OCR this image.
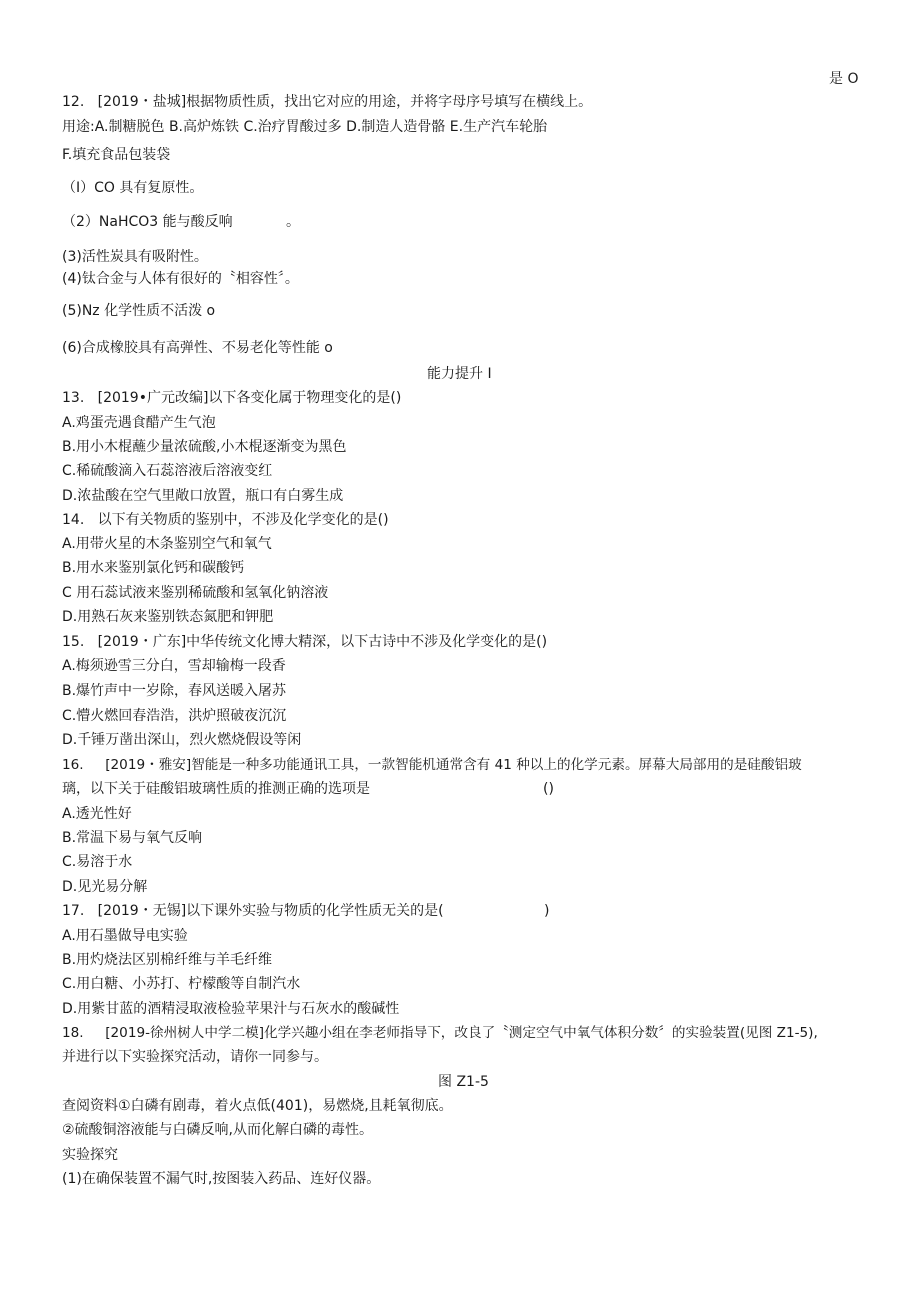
是 O
12.   [2019・盐城]根据物质性质，找出它对应的用途，并将字母序号填写在横线上。
用途:A.制糖脱色 B.高炉炼铁 C.治疗胃酸过多 D.制造人造骨骼 E.生产汽车轮胎
F.填充食品包装袋
（I）CO 具有复原性。
（2）NaHCO3 能与酸反响            。
(3)活性炭具有吸附性。
(4)钛合金与人体有很好的〝相容性〞。
(5)Nz 化学性质不活泼 o
(6)合成橡胶具有高弹性、不易老化等性能 o
能力提升 I
13.   [2019•广元改编]以下各变化属于物理变化的是()
A.鸡蛋壳遇食醋产生气泡
B.用小木棍蘸少量浓硫酸,小木棍逐渐变为黑色
C.稀硫酸滴入石蕊溶液后溶液变红
D.浓盐酸在空气里敞口放置，瓶口有白雾生成
14.   以下有关物质的鉴别中，不涉及化学变化的是()
A.用带火星的木条鉴别空气和氧气
B.用水来鉴别氯化钙和碳酸钙
C 用石蕊试液来鉴别稀硫酸和氢氧化钠溶液
D.用熟石灰来鉴别铁态氮肥和钾肥
15.   [2019・广东]中华传统文化博大精深，以下古诗中不涉及化学变化的是()
A.梅须逊雪三分白，雪却输梅一段香
B.爆竹声中一岁除，春风送暖入屠苏
C.懵火燃回春浩浩，洪炉照破夜沉沉
D.千锤万凿出深山，烈火燃烧假设等闲
16.     [2019・雅安]智能是一种多功能通讯工具，一款智能机通常含有 41 种以上的化学元素。屏幕大局部用的是硅酸铝玻
璃，以下关于硅酸铝玻璃性质的推测正确的选项是	()
A.透光性好
B.常温下易与氧气反响
C.易溶于水
D.见光易分解
17.   [2019・无锡]以下课外实验与物质的化学性质无关的是(	)
A.用石墨做导电实验
B.用灼烧法区别棉纤维与羊毛纤维
C.用白糖、小苏打、柠檬酸等自制汽水
D.用紫甘蓝的酒精浸取液检验苹果汁与石灰水的酸碱性
18.     [2019-徐州树人中学二模]化学兴趣小组在李老师指导下，改良了〝测定空气中氧气体积分数〞的实验装置(见图 Z1-5),
并进行以下实验探究活动，请你一同参与。
图 Z1-5
查阅资料①白磷有剧毒，着火点低(401)，易燃烧,且耗氧彻底。
②硫酸铜溶液能与白磷反响,从而化解白磷的毒性。
实验探究
(1)在确保装置不漏气时,按图装入药品、连好仪器。
